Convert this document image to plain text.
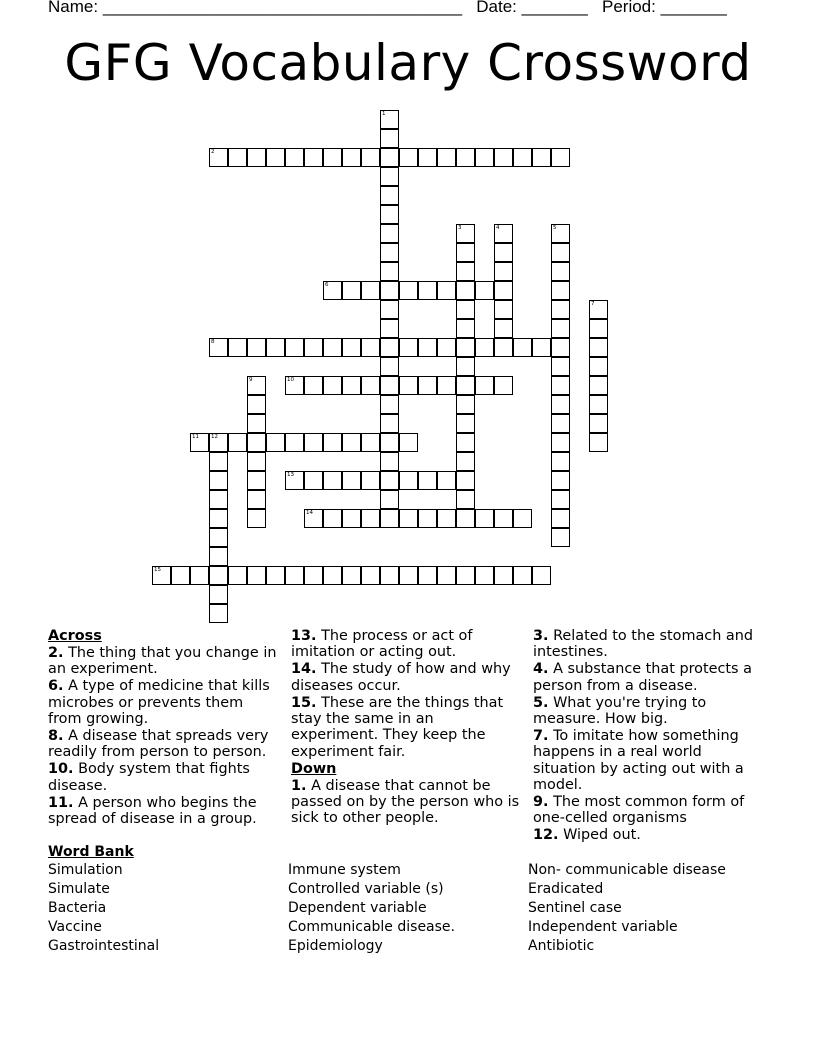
Name: ______________________________________ Date: _______ Period: _______
GFG Vocabulary Crossword
1
2
3	4	5
6
7
8
9	10
11 12
13
14
15

Across

2. The thing that you change in an experiment.

6. A type of medicine that kills microbes or prevents them from growing.

8. A disease that spreads very readily from person to person.

10. Body system that fights disease.

11. A person who begins the spread of disease in a group.

13. The process or act of imitation or acting out.

14. The study of how and why diseases occur.

15. These are the things that stay the same in an experiment. They keep the experiment fair.

Down

1. A disease that cannot be passed on by the person who is sick to other people.

3. Related to the stomach and intestines.

4. A substance that protects a person from a disease.

5. What you're trying to measure. How big.

7. To imitate how something happens in a real world situation by acting out with a model.

9. The most common form of one-celled organisms

12. Wiped out.

Word Bank
Simulation
Simulate
Bacteria
Vaccine
Gastrointestinal
Immune system
Controlled variable (s)
Dependent variable
Communicable disease.
Epidemiology
Non- communicable disease
Eradicated
Sentinel case
Independent variable
Antibiotic
